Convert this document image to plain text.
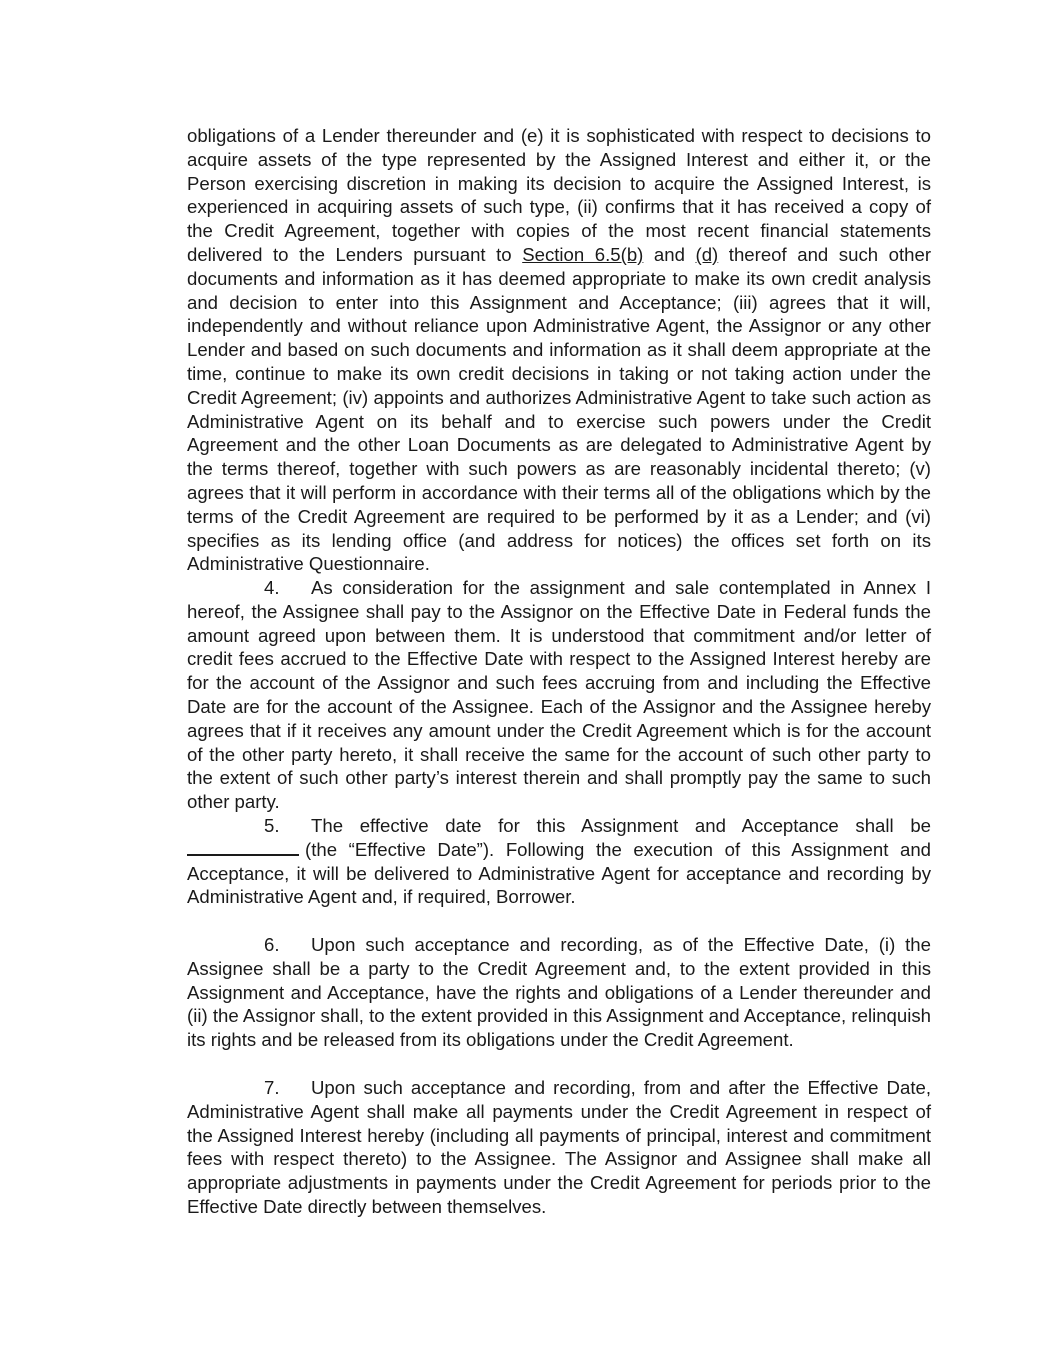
obligations of a Lender thereunder and (e) it is sophisticated with respect to decisions to acquire assets of the type represented by the Assigned Interest and either it, or the Person exercising discretion in making its decision to acquire the Assigned Interest, is experienced in acquiring assets of such type, (ii) confirms that it has received a copy of the Credit Agreement, together with copies of the most recent financial statements delivered to the Lenders pursuant to Section 6.5(b) and (d) thereof and such other documents and information as it has deemed appropriate to make its own credit analysis and decision to enter into this Assignment and Acceptance; (iii) agrees that it will, independently and without reliance upon Administrative Agent, the Assignor or any other Lender and based on such documents and information as it shall deem appropriate at the time, continue to make its own credit decisions in taking or not taking action under the Credit Agreement; (iv) appoints and authorizes Administrative Agent to take such action as Administrative Agent on its behalf and to exercise such powers under the Credit Agreement and the other Loan Documents as are delegated to Administrative Agent by the terms thereof, together with such powers as are reasonably incidental thereto; (v) agrees that it will perform in accordance with their terms all of the obligations which by the terms of the Credit Agreement are required to be performed by it as a Lender; and (vi) specifies as its lending office (and address for notices) the offices set forth on its Administrative Questionnaire.

4. As consideration for the assignment and sale contemplated in Annex I hereof, the Assignee shall pay to the Assignor on the Effective Date in Federal funds the amount agreed upon between them. It is understood that commitment and/or letter of credit fees accrued to the Effective Date with respect to the Assigned Interest hereby are for the account of the Assignor and such fees accruing from and including the Effective Date are for the account of the Assignee. Each of the Assignor and the Assignee hereby agrees that if it receives any amount under the Credit Agreement which is for the account of the other party hereto, it shall receive the same for the account of such other party to the extent of such other party’s interest therein and shall promptly pay the same to such other party.

5. The effective date for this Assignment and Acceptance shall be (the “Effective Date”). Following the execution of this Assignment and Acceptance, it will be delivered to Administrative Agent for acceptance and recording by Administrative Agent and, if required, Borrower.

6. Upon such acceptance and recording, as of the Effective Date, (i) the Assignee shall be a party to the Credit Agreement and, to the extent provided in this Assignment and Acceptance, have the rights and obligations of a Lender thereunder and (ii) the Assignor shall, to the extent provided in this Assignment and Acceptance, relinquish its rights and be released from its obligations under the Credit Agreement.

7. Upon such acceptance and recording, from and after the Effective Date, Administrative Agent shall make all payments under the Credit Agreement in respect of the Assigned Interest hereby (including all payments of principal, interest and commitment fees with respect thereto) to the Assignee. The Assignor and Assignee shall make all appropriate adjustments in payments under the Credit Agreement for periods prior to the Effective Date directly between themselves.
